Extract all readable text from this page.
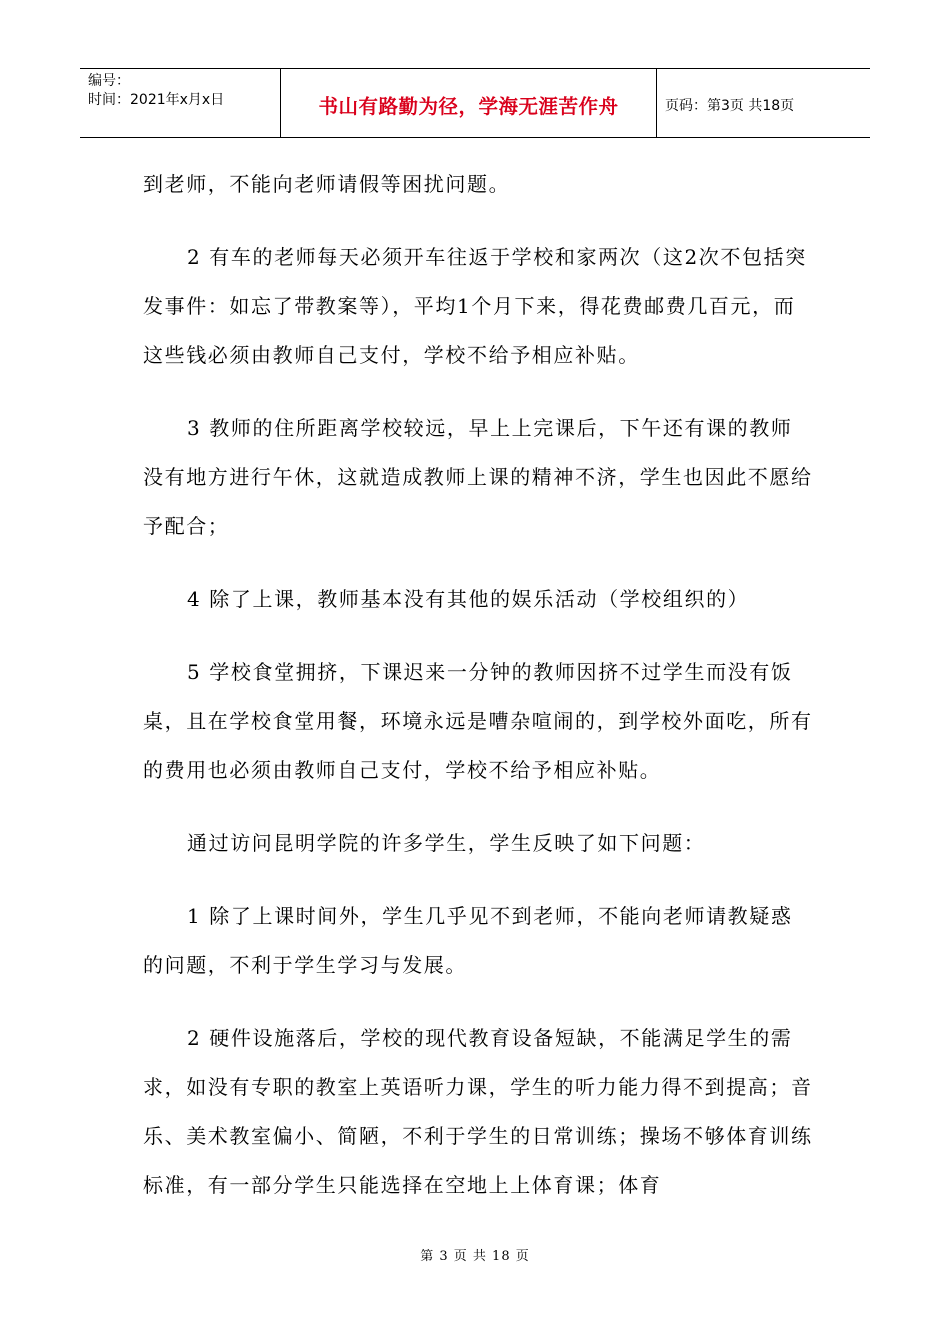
编号：
时间：2021年x月x日	书山有路勤为径，学海无涯苦作舟	页码：第3页 共18页

到老师，不能向老师请假等困扰问题。

2 有车的老师每天必须开车往返于学校和家两次（这2次不包括突发事件：如忘了带教案等），平均1个月下来，得花费邮费几百元，而这些钱必须由教师自己支付，学校不给予相应补贴。

3 教师的住所距离学校较远，早上上完课后，下午还有课的教师没有地方进行午休，这就造成教师上课的精神不济，学生也因此不愿给予配合；

4 除了上课，教师基本没有其他的娱乐活动（学校组织的）

5 学校食堂拥挤，下课迟来一分钟的教师因挤不过学生而没有饭桌，且在学校食堂用餐，环境永远是嘈杂喧闹的，到学校外面吃，所有的费用也必须由教师自己支付，学校不给予相应补贴。

通过访问昆明学院的许多学生，学生反映了如下问题：

1 除了上课时间外，学生几乎见不到老师，不能向老师请教疑惑的问题，不利于学生学习与发展。

2 硬件设施落后，学校的现代教育设备短缺，不能满足学生的需求，如没有专职的教室上英语听力课，学生的听力能力得不到提高；音乐、美术教室偏小、简陋，不利于学生的日常训练；操场不够体育训练标准，有一部分学生只能选择在空地上上体育课；体育

第 3 页 共 18 页
